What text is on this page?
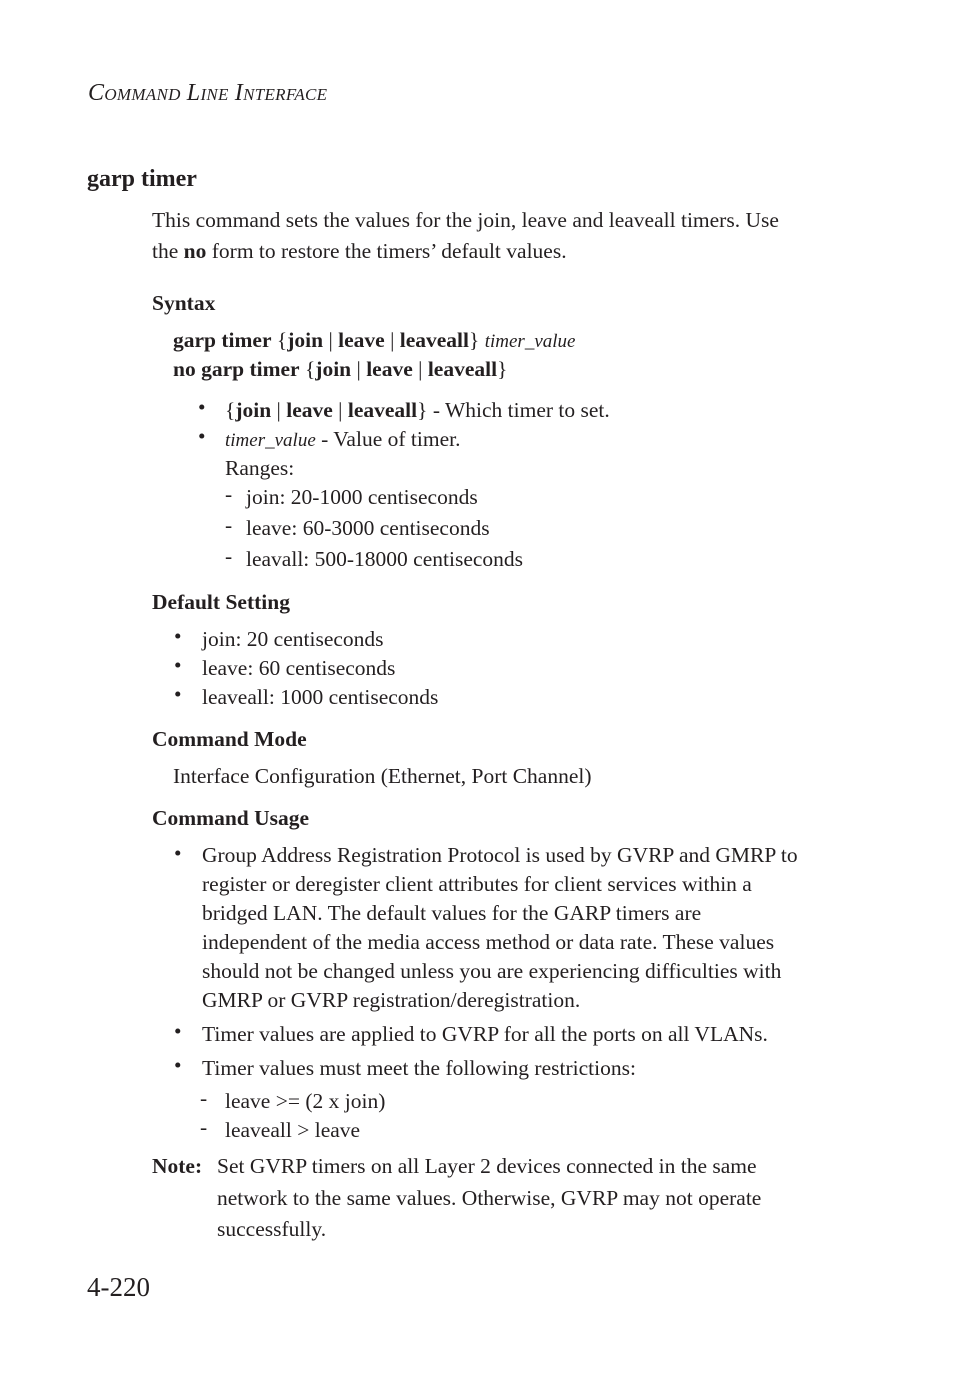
COMMAND LINE INTERFACE
garp timer
This command sets the values for the join, leave and leaveall timers. Use
the no form to restore the timers’ default values.
Syntax
garp timer {join | leave | leaveall} timer_value
no garp timer {join | leave | leaveall}
• {join | leave | leaveall} - Which timer to set.
• timer_value - Value of timer.
Ranges:
- join: 20-1000 centiseconds
- leave: 60-3000 centiseconds
- leavall: 500-18000 centiseconds
Default Setting
• join: 20 centiseconds
• leave: 60 centiseconds
• leaveall: 1000 centiseconds
Command Mode
Interface Configuration (Ethernet, Port Channel)
Command Usage
• Group Address Registration Protocol is used by GVRP and GMRP to
register or deregister client attributes for client services within a
bridged LAN. The default values for the GARP timers are
independent of the media access method or data rate. These values
should not be changed unless you are experiencing difficulties with
GMRP or GVRP registration/deregistration.
• Timer values are applied to GVRP for all the ports on all VLANs.
• Timer values must meet the following restrictions:
- leave >= (2 x join)
- leaveall > leave
Note: Set GVRP timers on all Layer 2 devices connected in the same
network to the same values. Otherwise, GVRP may not operate
successfully.
4-220
